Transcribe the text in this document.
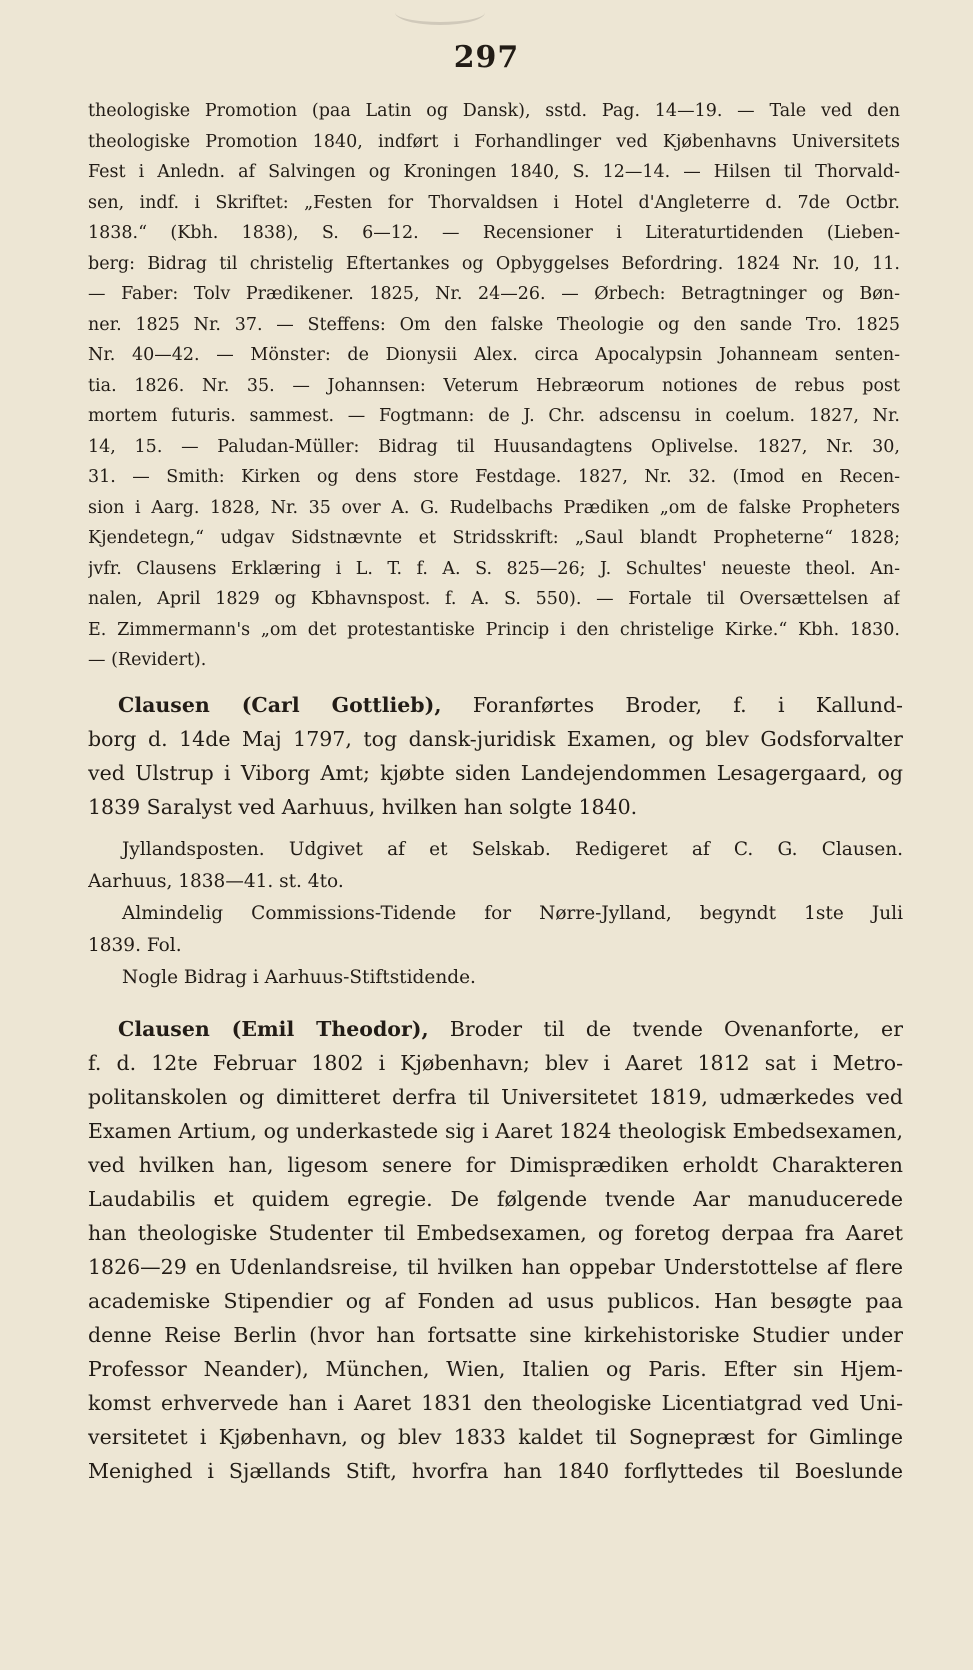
297
theologiske Promotion (paa Latin og Dansk), sstd. Pag. 14—19. — Tale ved den
theologiske Promotion 1840, indført i Forhandlinger ved Kjøbenhavns Universitets
Fest i Anledn. af Salvingen og Kroningen 1840, S. 12—14. — Hilsen til Thorvald-
sen, indf. i Skriftet: „Festen for Thorvaldsen i Hotel d'Angleterre d. 7de Octbr.
1838.“ (Kbh. 1838), S. 6—12. — Recensioner i Literaturtidenden (Lieben-
berg: Bidrag til christelig Eftertankes og Opbyggelses Befordring. 1824 Nr. 10, 11.
— Faber: Tolv Prædikener. 1825, Nr. 24—26. — Ørbech: Betragtninger og Bøn-
ner. 1825 Nr. 37. — Steffens: Om den falske Theologie og den sande Tro. 1825
Nr. 40—42. — Mönster: de Dionysii Alex. circa Apocalypsin Johanneam senten-
tia. 1826. Nr. 35. — Johannsen: Veterum Hebræorum notiones de rebus post
mortem futuris. sammest. — Fogtmann: de J. Chr. adscensu in coelum. 1827, Nr.
14, 15. — Paludan-Müller: Bidrag til Huusandagtens Oplivelse. 1827, Nr. 30,
31. — Smith: Kirken og dens store Festdage. 1827, Nr. 32. (Imod en Recen-
sion i Aarg. 1828, Nr. 35 over A. G. Rudelbachs Prædiken „om de falske Propheters
Kjendetegn,“ udgav Sidstnævnte et Stridsskrift: „Saul blandt Propheterne“ 1828;
jvfr. Clausens Erklæring i L. T. f. A. S. 825—26; J. Schultes' neueste theol. An-
nalen, April 1829 og Kbhavnspost. f. A. S. 550). — Fortale til Oversættelsen af
E. Zimmermann's „om det protestantiske Princip i den christelige Kirke.“ Kbh. 1830.
— (Revidert).
Clausen (Carl Gottlieb), Foranførtes Broder, f. i Kallund-
borg d. 14de Maj 1797, tog dansk-juridisk Examen, og blev Godsforvalter
ved Ulstrup i Viborg Amt; kjøbte siden Landejendommen Lesagergaard, og
1839 Saralyst ved Aarhuus, hvilken han solgte 1840.
Jyllandsposten. Udgivet af et Selskab. Redigeret af C. G. Clausen.
Aarhuus, 1838—41. st. 4to.
Almindelig Commissions-Tidende for Nørre-Jylland, begyndt 1ste Juli
1839. Fol.
Nogle Bidrag i Aarhuus-Stiftstidende.
Clausen (Emil Theodor), Broder til de tvende Ovenanforte, er
f. d. 12te Februar 1802 i Kjøbenhavn; blev i Aaret 1812 sat i Metro-
politanskolen og dimitteret derfra til Universitetet 1819, udmærkedes ved
Examen Artium, og underkastede sig i Aaret 1824 theologisk Embedsexamen,
ved hvilken han, ligesom senere for Dimisprædiken erholdt Charakteren
Laudabilis et quidem egregie. De følgende tvende Aar manuducerede
han theologiske Studenter til Embedsexamen, og foretog derpaa fra Aaret
1826—29 en Udenlandsreise, til hvilken han oppebar Understottelse af flere
academiske Stipendier og af Fonden ad usus publicos. Han besøgte paa
denne Reise Berlin (hvor han fortsatte sine kirkehistoriske Studier under
Professor Neander), München, Wien, Italien og Paris. Efter sin Hjem-
komst erhvervede han i Aaret 1831 den theologiske Licentiatgrad ved Uni-
versitetet i Kjøbenhavn, og blev 1833 kaldet til Sognepræst for Gimlinge
Menighed i Sjællands Stift, hvorfra han 1840 forflyttedes til Boeslunde
